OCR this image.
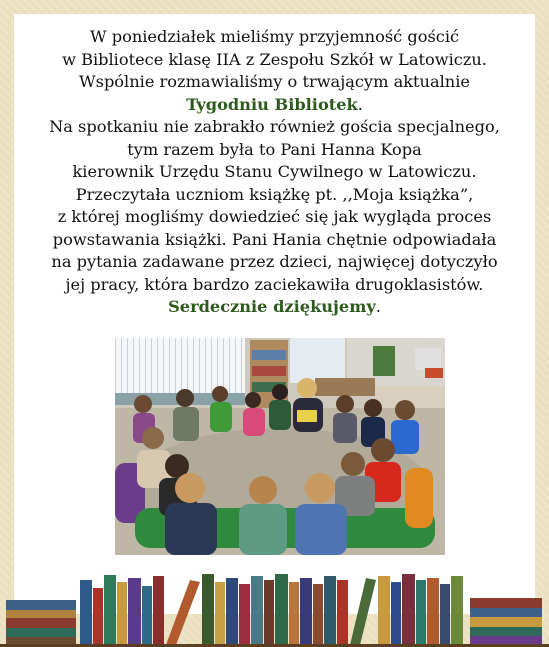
W poniedziałek mieliśmy przyjemność gościć
w Bibliotece klasę IIA z Zespołu Szkół w Latowiczu.
Wspólnie rozmawialiśmy o trwającym aktualnie
Tygodniu Bibliotek.
Na spotkaniu nie zabrakło również gościa specjalnego,
tym razem była to Pani Hanna Kopa
kierownik Urzędu Stanu Cywilnego w Latowiczu.
Przeczytała uczniom książkę pt. ,,Moja książka”,
z której mogliśmy dowiedzieć się jak wygląda proces
powstawania książki. Pani Hania chętnie odpowiadała
na pytania zadawane przez dzieci, najwięcej dotyczyło
jej pracy, która bardzo zaciekawiła drugoklasistów.
Serdecznie dziękujemy.
